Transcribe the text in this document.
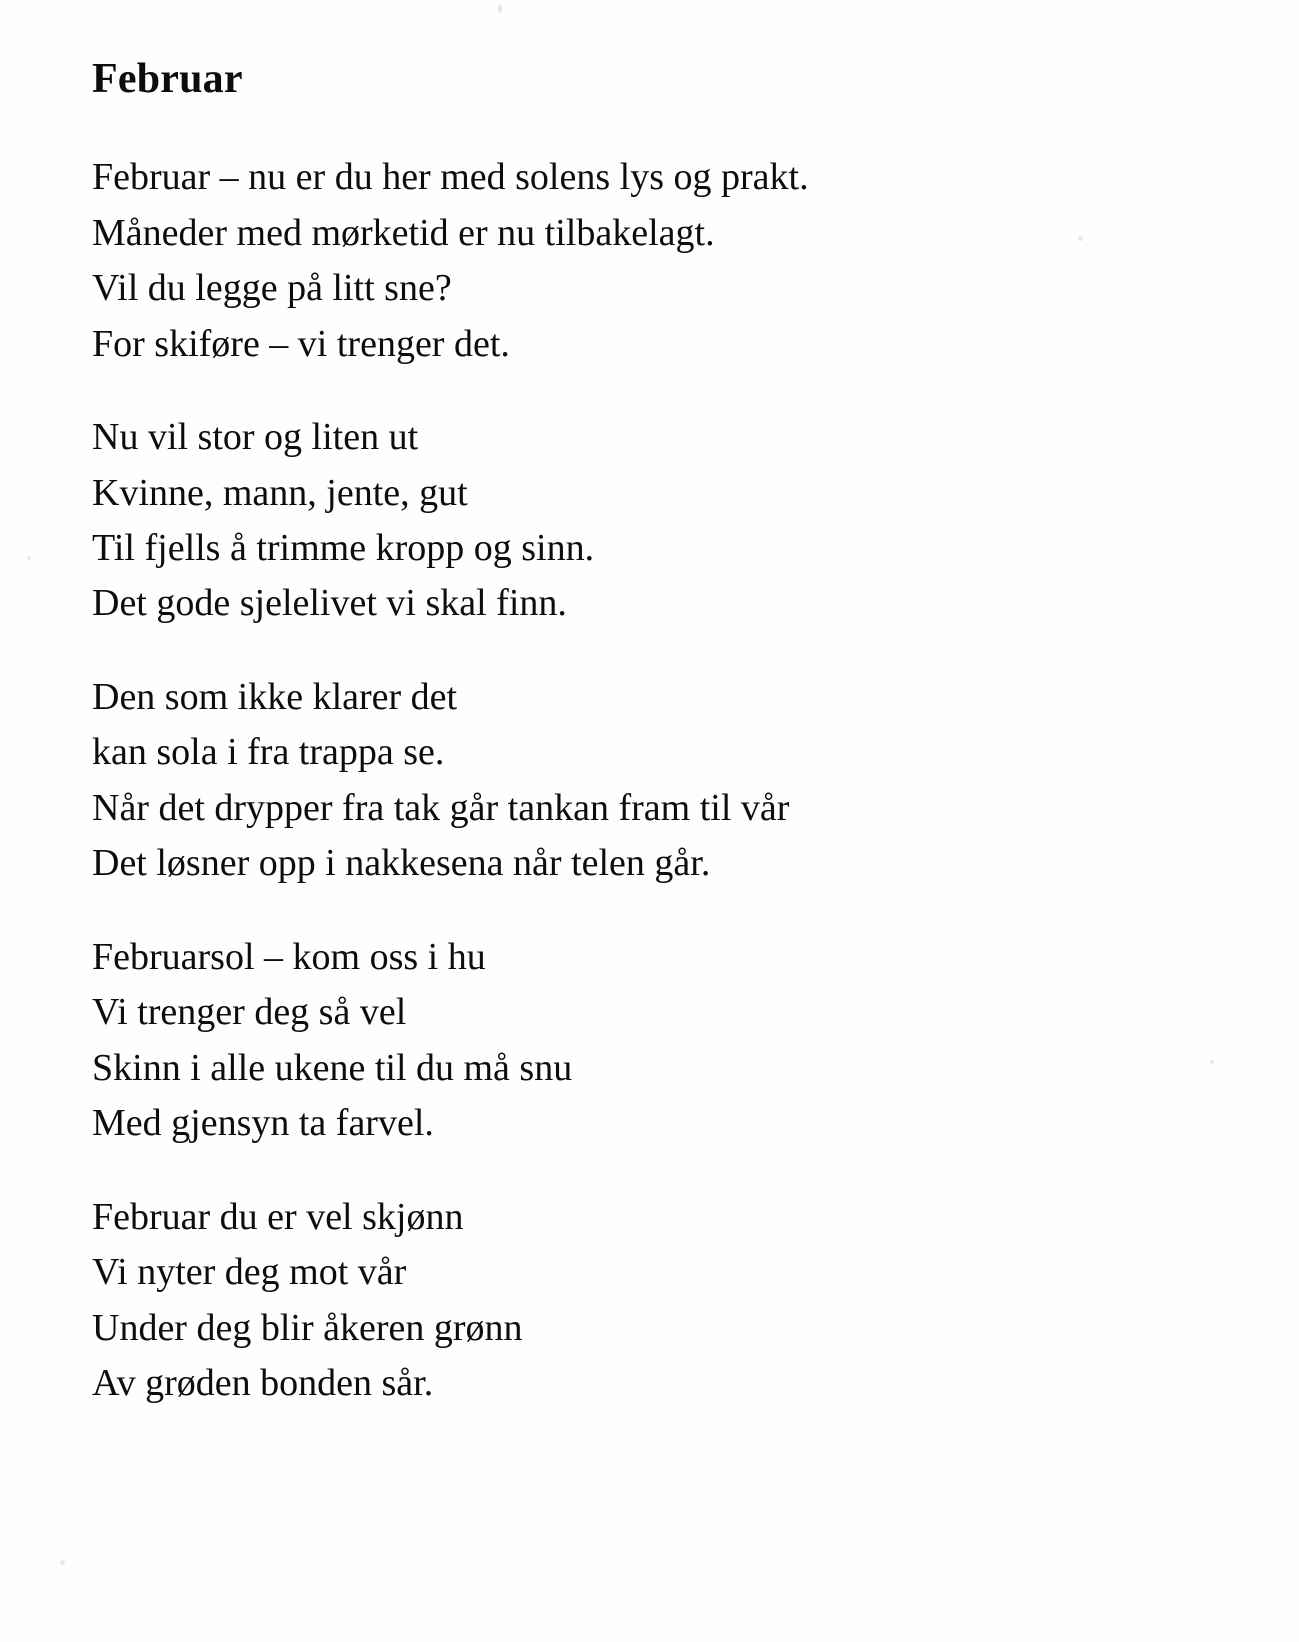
Februar
Februar – nu er du her med solens lys og prakt.
Måneder med mørketid er nu tilbakelagt.
Vil du legge på litt sne?
For skiføre – vi trenger det.
Nu vil stor og liten ut
Kvinne, mann, jente, gut
Til fjells å trimme kropp og sinn.
Det gode sjelelivet vi skal finn.
Den som ikke klarer det
kan sola i fra trappa se.
Når det drypper fra tak går tankan fram til vår
Det løsner opp i nakkesena når telen går.
Februarsol – kom oss i hu
Vi trenger deg så vel
Skinn i alle ukene til du må snu
Med gjensyn ta farvel.
Februar du er vel skjønn
Vi nyter deg mot vår
Under deg blir åkeren grønn
Av grøden bonden sår.
